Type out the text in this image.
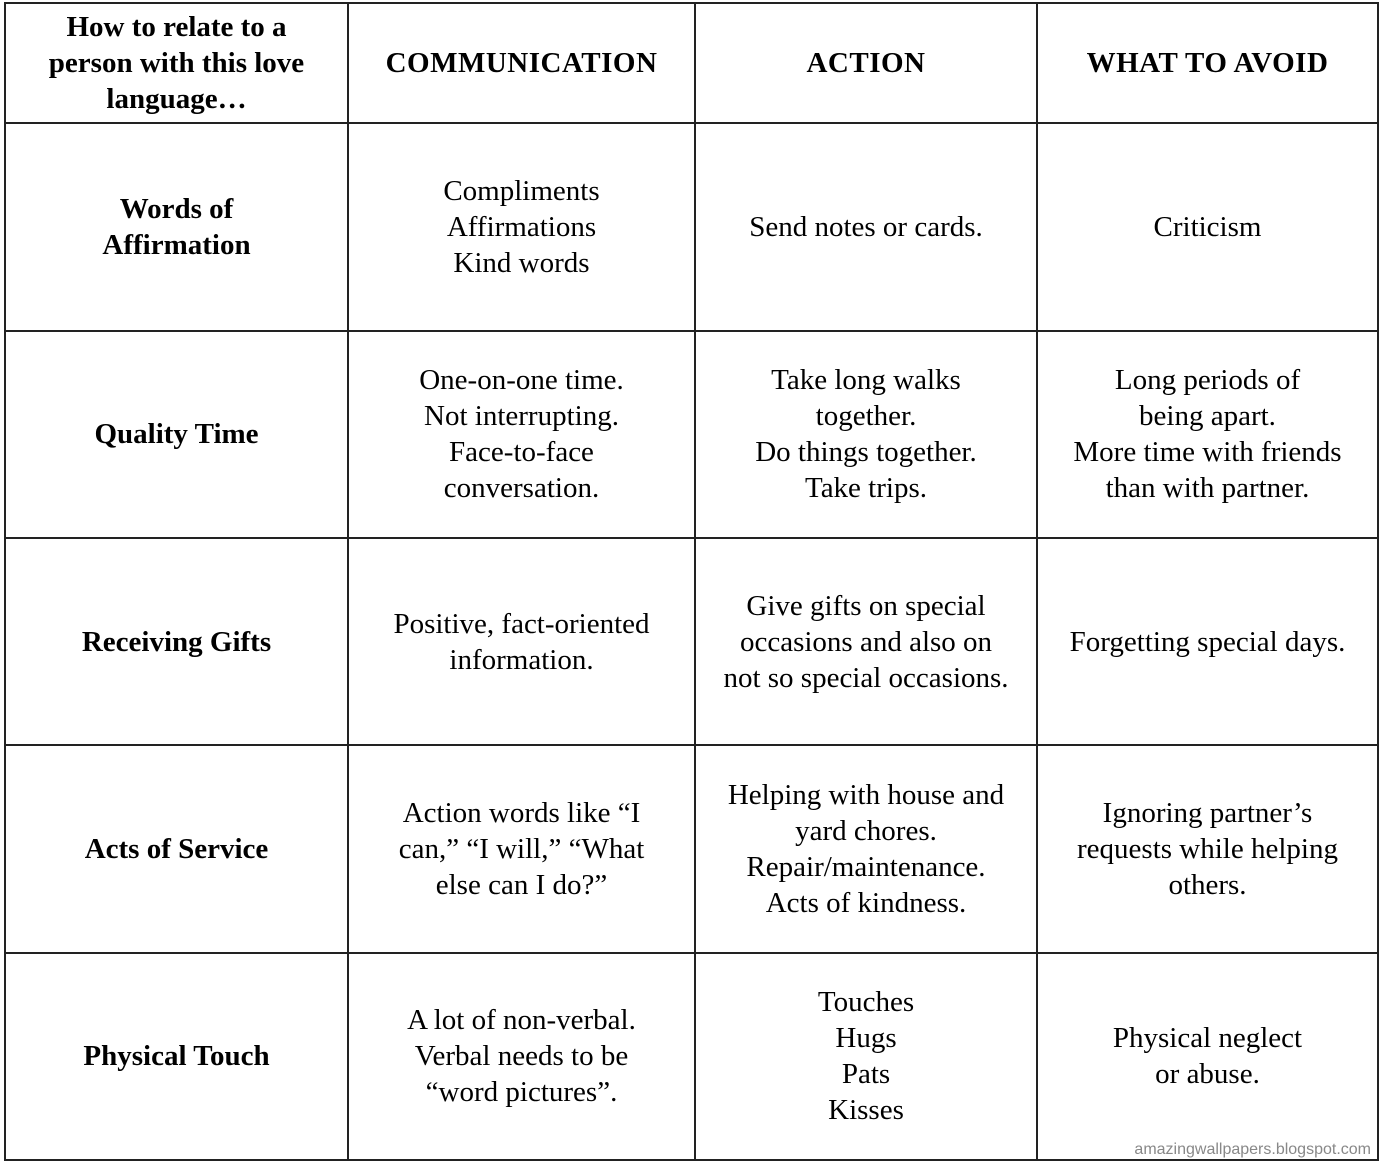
How to relate to a
person with this love
language…	COMMUNICATION	ACTION	WHAT TO AVOID

Words of
Affirmation	Compliments
Affirmations
Kind words	Send notes or cards.	Criticism

Quality Time	One-on-one time.
Not interrupting.
Face-to-face
conversation.	Take long walks
together.
Do things together.
Take trips.	Long periods of
being apart.
More time with friends
than with partner.

Receiving Gifts	Positive, fact-oriented
information.	Give gifts on special
occasions and also on
not so special occasions.	Forgetting special days.

Acts of Service	Action words like “I
can,” “I will,” “What
else can I do?”	Helping with house and
yard chores.
Repair/maintenance.
Acts of kindness.	Ignoring partner’s
requests while helping
others.

Physical Touch	A lot of non-verbal.
Verbal needs to be
“word pictures”.	Touches
Hugs
Pats
Kisses	Physical neglect
or abuse.
amazingwallpapers.blogspot.com
